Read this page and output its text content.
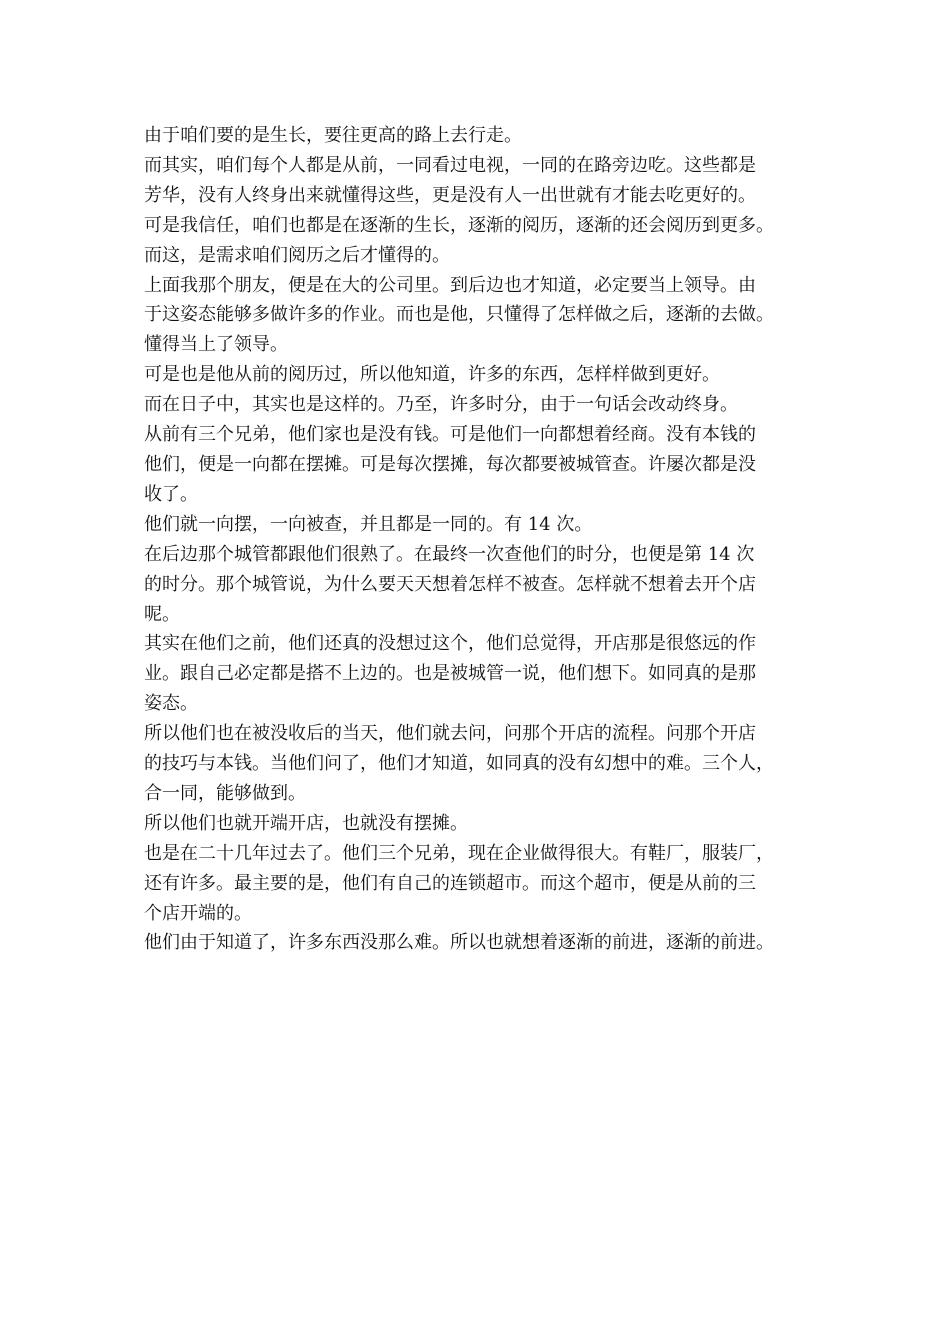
由于咱们要的是生长，要往更高的路上去行走。

而其实，咱们每个人都是从前，一同看过电视，一同的在路旁边吃。这些都是
芳华，没有人终身出来就懂得这些，更是没有人一出世就有才能去吃更好的。

可是我信任，咱们也都是在逐渐的生长，逐渐的阅历，逐渐的还会阅历到更多。

而这，是需求咱们阅历之后才懂得的。

上面我那个朋友，便是在大的公司里。到后边也才知道，必定要当上领导。由
于这姿态能够多做许多的作业。而也是他，只懂得了怎样做之后，逐渐的去做。
懂得当上了领导。

可是也是他从前的阅历过，所以他知道，许多的东西，怎样样做到更好。

而在日子中，其实也是这样的。乃至，许多时分，由于一句话会改动终身。

从前有三个兄弟，他们家也是没有钱。可是他们一向都想着经商。没有本钱的
他们，便是一向都在摆摊。可是每次摆摊，每次都要被城管查。许屡次都是没
收了。

他们就一向摆，一向被查，并且都是一同的。有 14 次。

在后边那个城管都跟他们很熟了。在最终一次查他们的时分，也便是第 14 次
的时分。那个城管说，为什么要天天想着怎样不被查。怎样就不想着去开个店
呢。

其实在他们之前，他们还真的没想过这个，他们总觉得，开店那是很悠远的作
业。跟自己必定都是搭不上边的。也是被城管一说，他们想下。如同真的是那
姿态。

所以他们也在被没收后的当天，他们就去问，问那个开店的流程。问那个开店
的技巧与本钱。当他们问了，他们才知道，如同真的没有幻想中的难。三个人，
合一同，能够做到。

所以他们也就开端开店，也就没有摆摊。

也是在二十几年过去了。他们三个兄弟，现在企业做得很大。有鞋厂，服装厂，
还有许多。最主要的是，他们有自己的连锁超市。而这个超市，便是从前的三
个店开端的。

他们由于知道了，许多东西没那么难。所以也就想着逐渐的前进，逐渐的前进。
